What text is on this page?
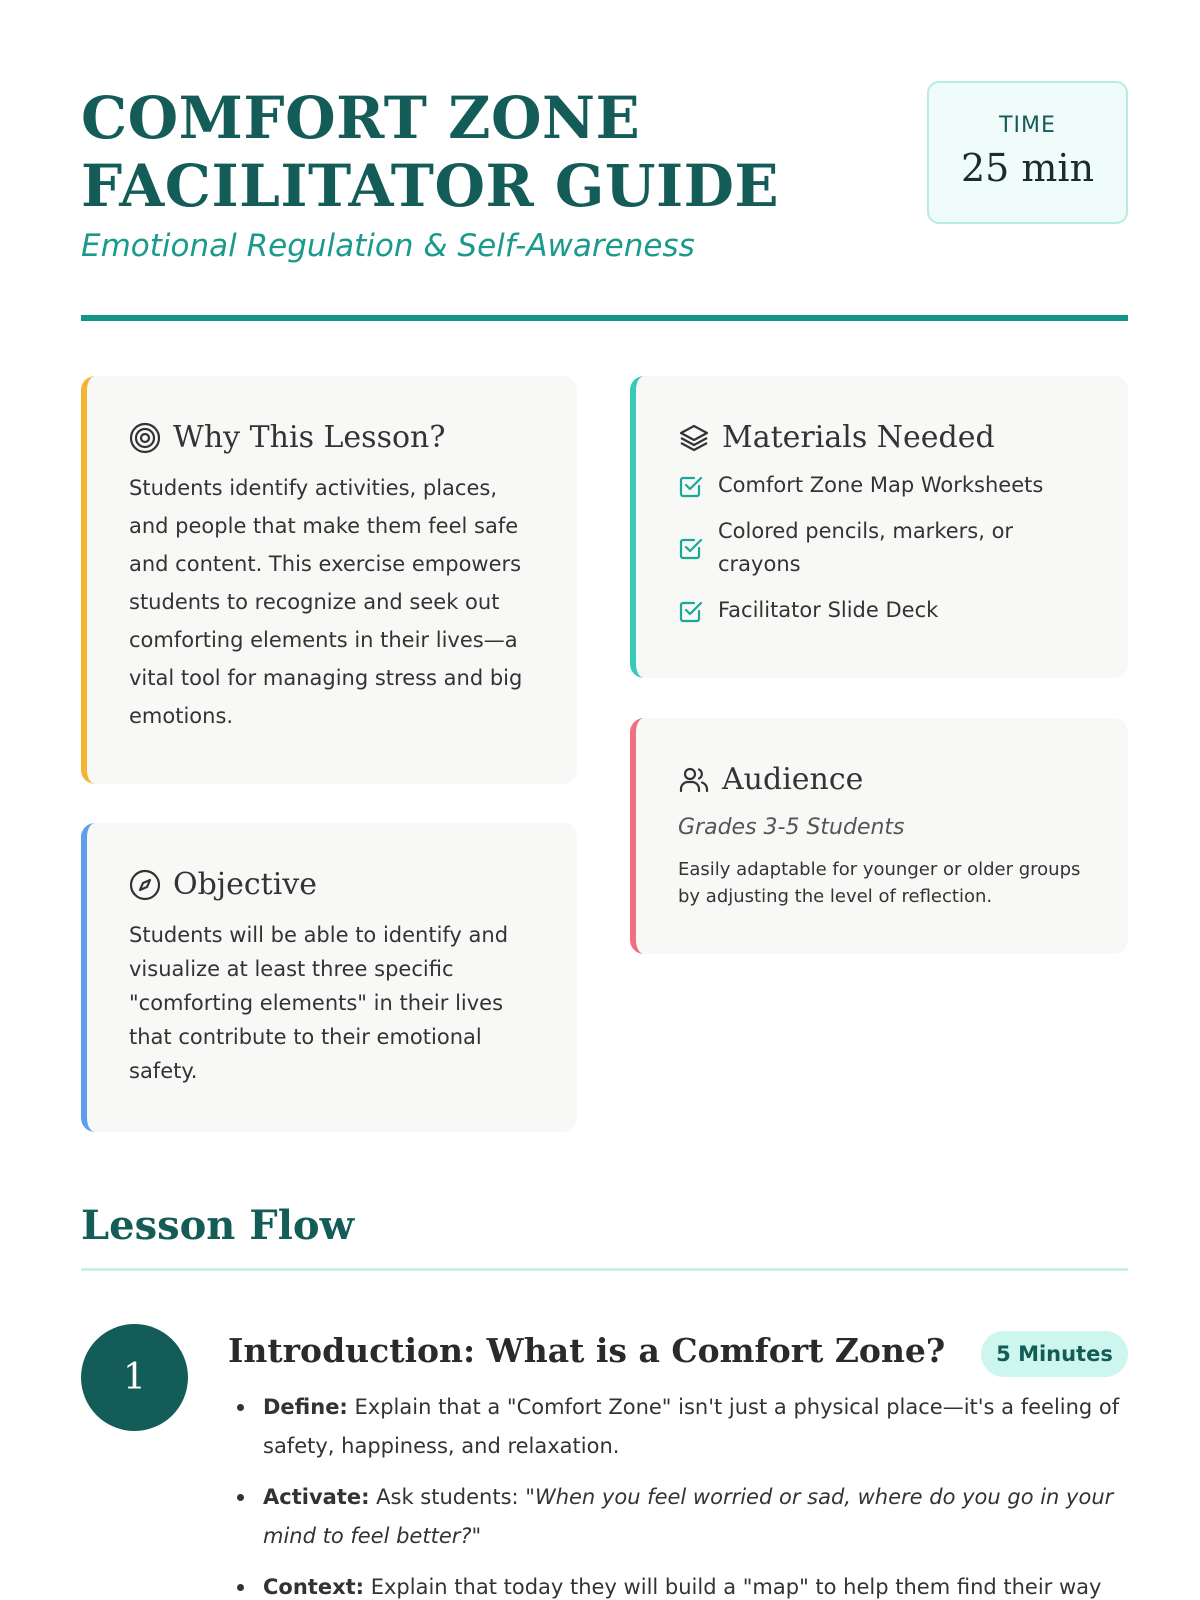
COMFORT ZONE FACILITATOR GUIDE
Emotional Regulation & Self-Awareness
TIME
25 min
Why This Lesson?

Students identify activities, places, and people that make them feel safe and content. This exercise empowers students to recognize and seek out comforting elements in their lives—a vital tool for managing stress and big emotions.

Objective

Students will be able to identify and visualize at least three specific "comforting elements" in their lives that contribute to their emotional safety.

Materials Needed
Comfort Zone Map Worksheets
Colored pencils, markers, or crayons
Facilitator Slide Deck
Audience
Grades 3-5 Students

Easily adaptable for younger or older groups by adjusting the level of reflection.

Lesson Flow
1
Introduction: What is a Comfort Zone?	5 Minutes
Define: Explain that a "Comfort Zone" isn't just a physical place—it's a feeling of safety, happiness, and relaxation.
Activate: Ask students: "When you feel worried or sad, where do you go in your mind to feel better?"
Context: Explain that today they will build a "map" to help them find their way
